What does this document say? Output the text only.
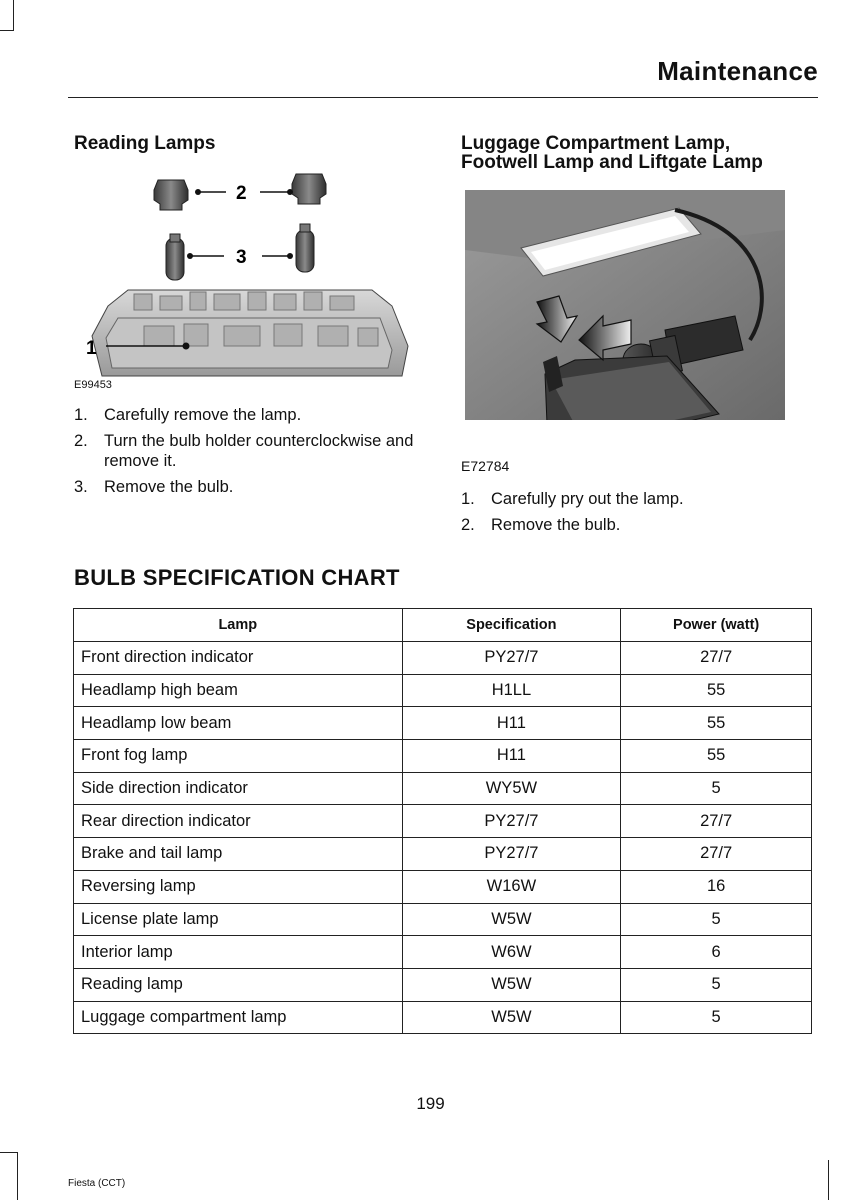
Maintenance
Reading Lamps
2
3
1
E99453
1. Carefully remove the lamp.
2. Turn the bulb holder counterclockwise and remove it.
3. Remove the bulb.
Luggage Compartment Lamp,
Footwell Lamp and Liftgate Lamp
E72784
1. Carefully pry out the lamp.
2. Remove the bulb.
BULB SPECIFICATION CHART
Lamp	Specification	Power (watt)
Front direction indicator	PY27/7	27/7
Headlamp high beam	H1LL	55
Headlamp low beam	H11	55
Front fog lamp	H11	55
Side direction indicator	WY5W	5
Rear direction indicator	PY27/7	27/7
Brake and tail lamp	PY27/7	27/7
Reversing lamp	W16W	16
License plate lamp	W5W	5
Interior lamp	W6W	6
Reading lamp	W5W	5
Luggage compartment lamp	W5W	5
199
Fiesta (CCT)
